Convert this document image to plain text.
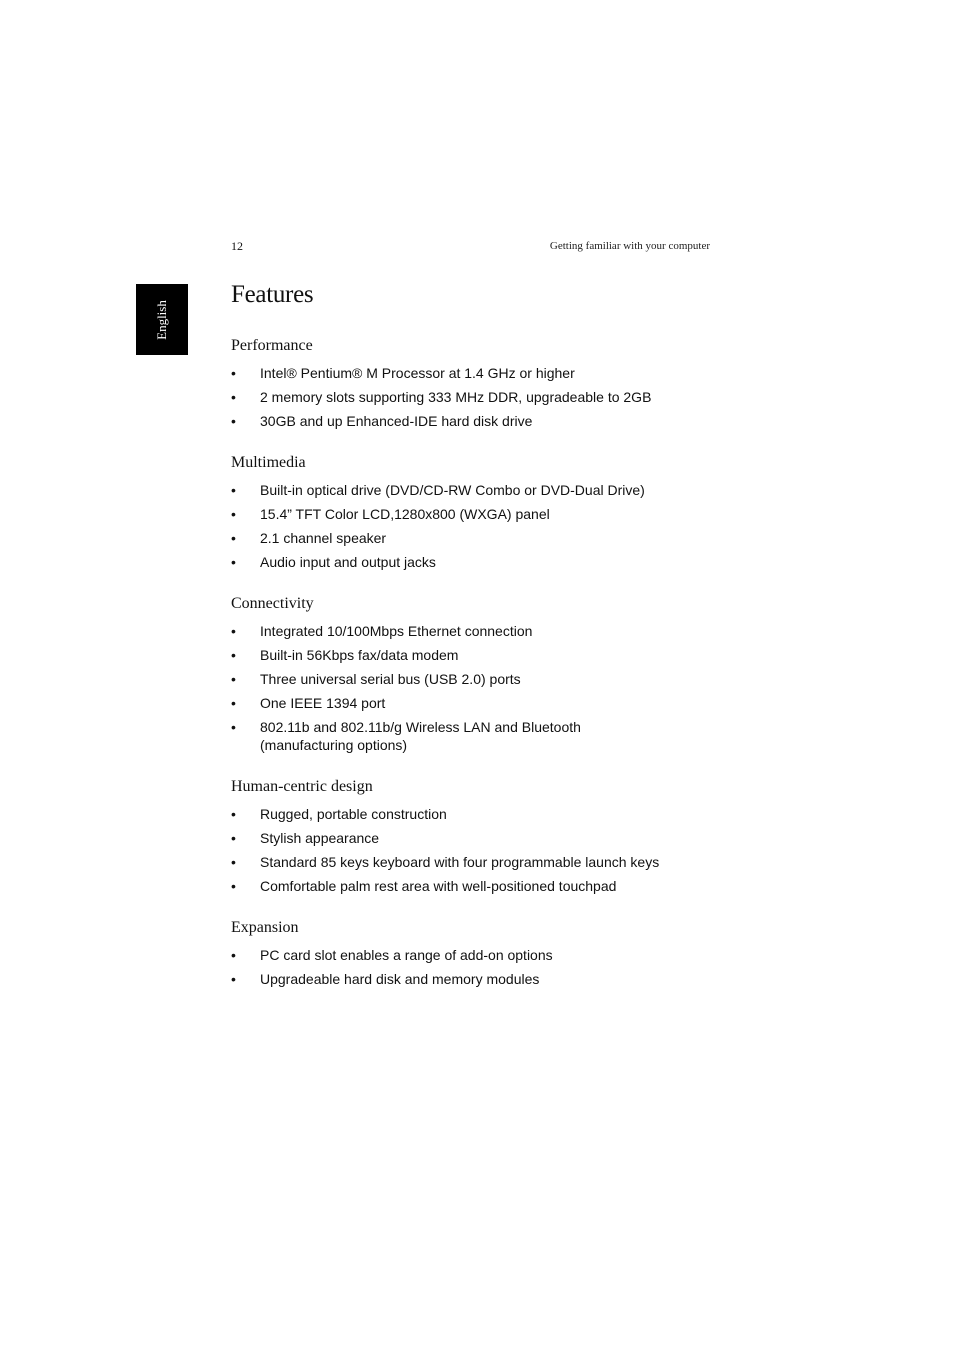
12	Getting familiar with your computer
English
Features
Performance
• Intel® Pentium® M Processor at 1.4 GHz or higher
• 2 memory slots supporting 333 MHz DDR, upgradeable to 2GB
• 30GB and up Enhanced-IDE hard disk drive
Multimedia
• Built-in optical drive (DVD/CD-RW Combo or DVD-Dual Drive)
• 15.4” TFT Color LCD,1280x800 (WXGA) panel
• 2.1 channel speaker
• Audio input and output jacks
Connectivity
• Integrated 10/100Mbps Ethernet connection
• Built-in 56Kbps fax/data modem
• Three universal serial bus (USB 2.0) ports
• One IEEE 1394 port
• 802.11b and 802.11b/g Wireless LAN and Bluetooth (manufacturing options)
Human-centric design
• Rugged, portable construction
• Stylish appearance
• Standard 85 keys keyboard with four programmable launch keys
• Comfortable palm rest area with well-positioned touchpad
Expansion
• PC card slot enables a range of add-on options
• Upgradeable hard disk and memory modules
